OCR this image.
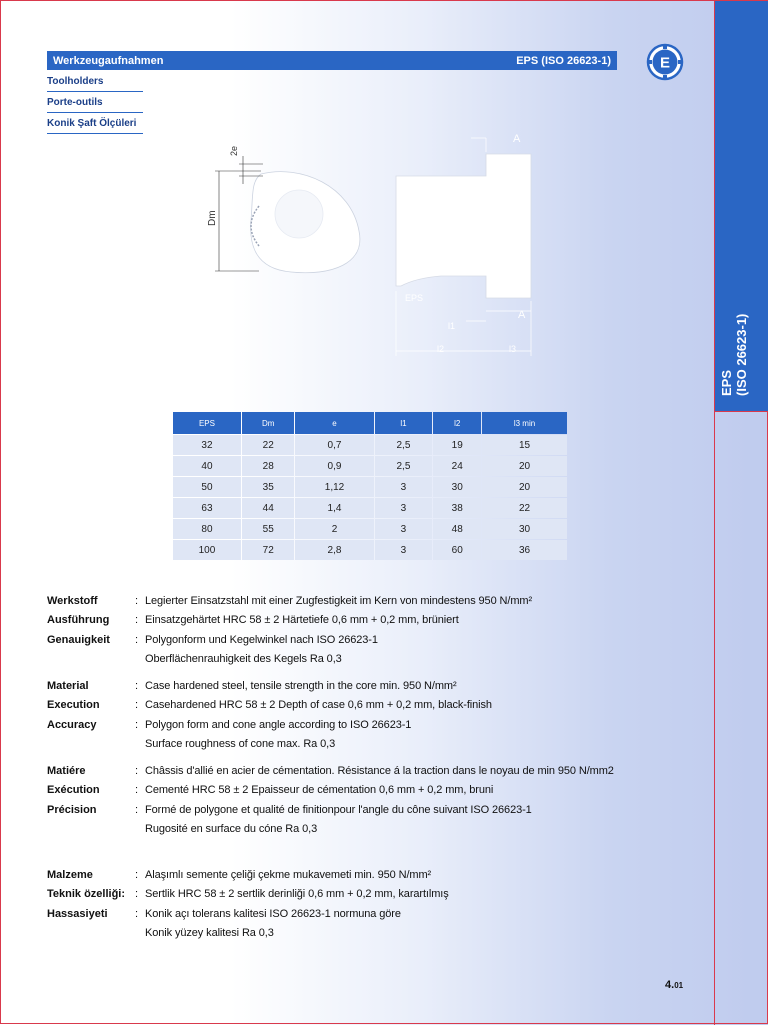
EPS (ISO 26623-1)
Werkzeugaufnahmen	EPS (ISO 26623-1)	E
Toolholders
Porte-outils
Konik Şaft Ölçüleri
Dm
2e
A
A
EPS
l1
l2	l3
EPS	Dm	e	l1	l2	l3 min
32	22	0,7	2,5	19	15
40	28	0,9	2,5	24	20
50	35	1,12	3	30	20
63	44	1,4	3	38	22
80	55	2	3	48	30
100	72	2,8	3	60	36
Werkstoff	: Legierter Einsatzstahl mit einer Zugfestigkeit im Kern von mindestens 950 N/mm²
Ausführung	: Einsatzgehärtet HRC 58 ± 2 Härtetiefe 0,6 mm + 0,2 mm, brüniert
Genauigkeit	: Polygonform und Kegelwinkel nach ISO 26623-1
Oberflächenrauhigkeit des Kegels Ra 0,3
Material	: Case hardened steel, tensile strength in the core min. 950 N/mm²
Execution	: Casehardened HRC 58 ± 2 Depth of case 0,6 mm + 0,2 mm, black-finish
Accuracy	: Polygon form and cone angle according to ISO 26623-1
Surface roughness of cone max. Ra 0,3
Matiére	: Châssis d'allié en acier de cémentation. Résistance á la traction dans le noyau de min 950 N/mm2
Exécution	: Cementé HRC 58 ± 2 Epaisseur de cémentation 0,6 mm + 0,2 mm, bruni
Précision	: Formé de polygone et qualité de finitionpour l'angle du cône suivant ISO 26623-1
Rugosité en surface du cóne Ra 0,3
Malzeme	: Alaşımlı semente çeliği çekme mukavemeti min. 950 N/mm²
Teknik özelliği: : Sertlik HRC 58 ± 2 sertlik derinliği 0,6 mm + 0,2 mm, karartılmış
Hassasiyeti	: Konik açı tolerans kalitesi ISO 26623-1 normuna göre
Konik yüzey kalitesi Ra 0,3
4.01
